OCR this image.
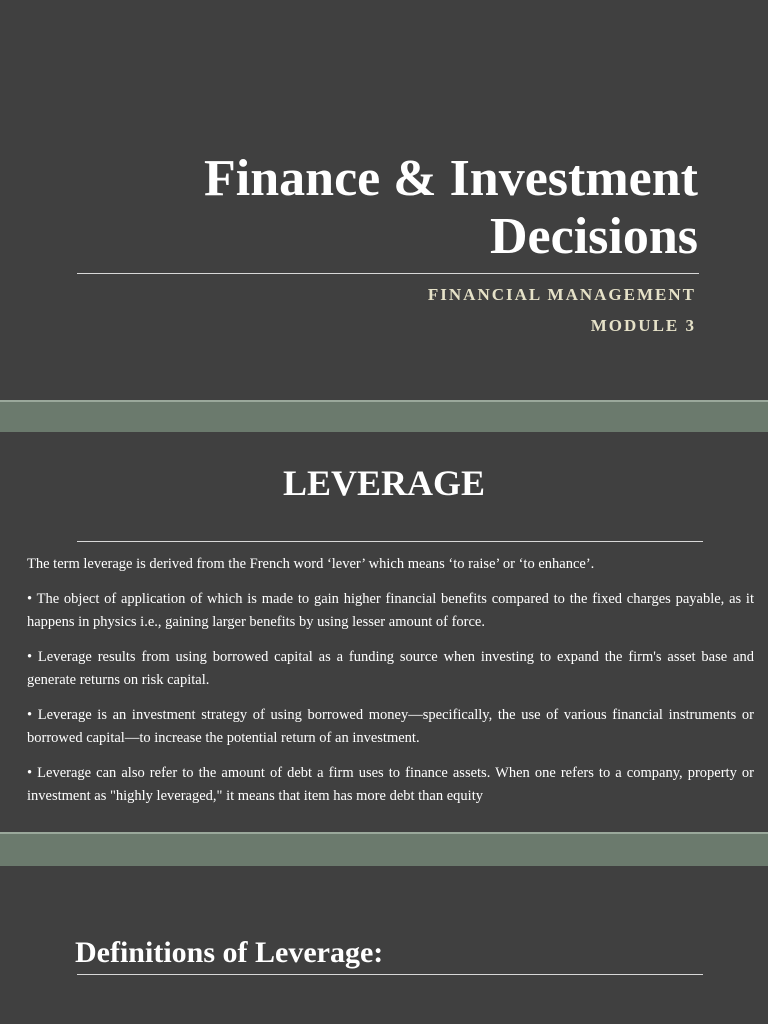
Finance & Investment
Decisions

FINANCIAL MANAGEMENT

MODULE 3

LEVERAGE

The term leverage is derived from the French word ‘lever’ which means ‘to raise’ or ‘to enhance’.

• The object of application of which is made to gain higher financial benefits compared to the fixed charges payable, as it happens in physics i.e., gaining larger benefits by using lesser amount of force.

• Leverage results from using borrowed capital as a funding source when investing to expand the firm's asset base and generate returns on risk capital.

• Leverage is an investment strategy of using borrowed money—specifically, the use of various financial instruments or borrowed capital—to increase the potential return of an investment.

• Leverage can also refer to the amount of debt a firm uses to finance assets. When one refers to a company, property or investment as "highly leveraged," it means that item has more debt than equity

Definitions of Leverage:
